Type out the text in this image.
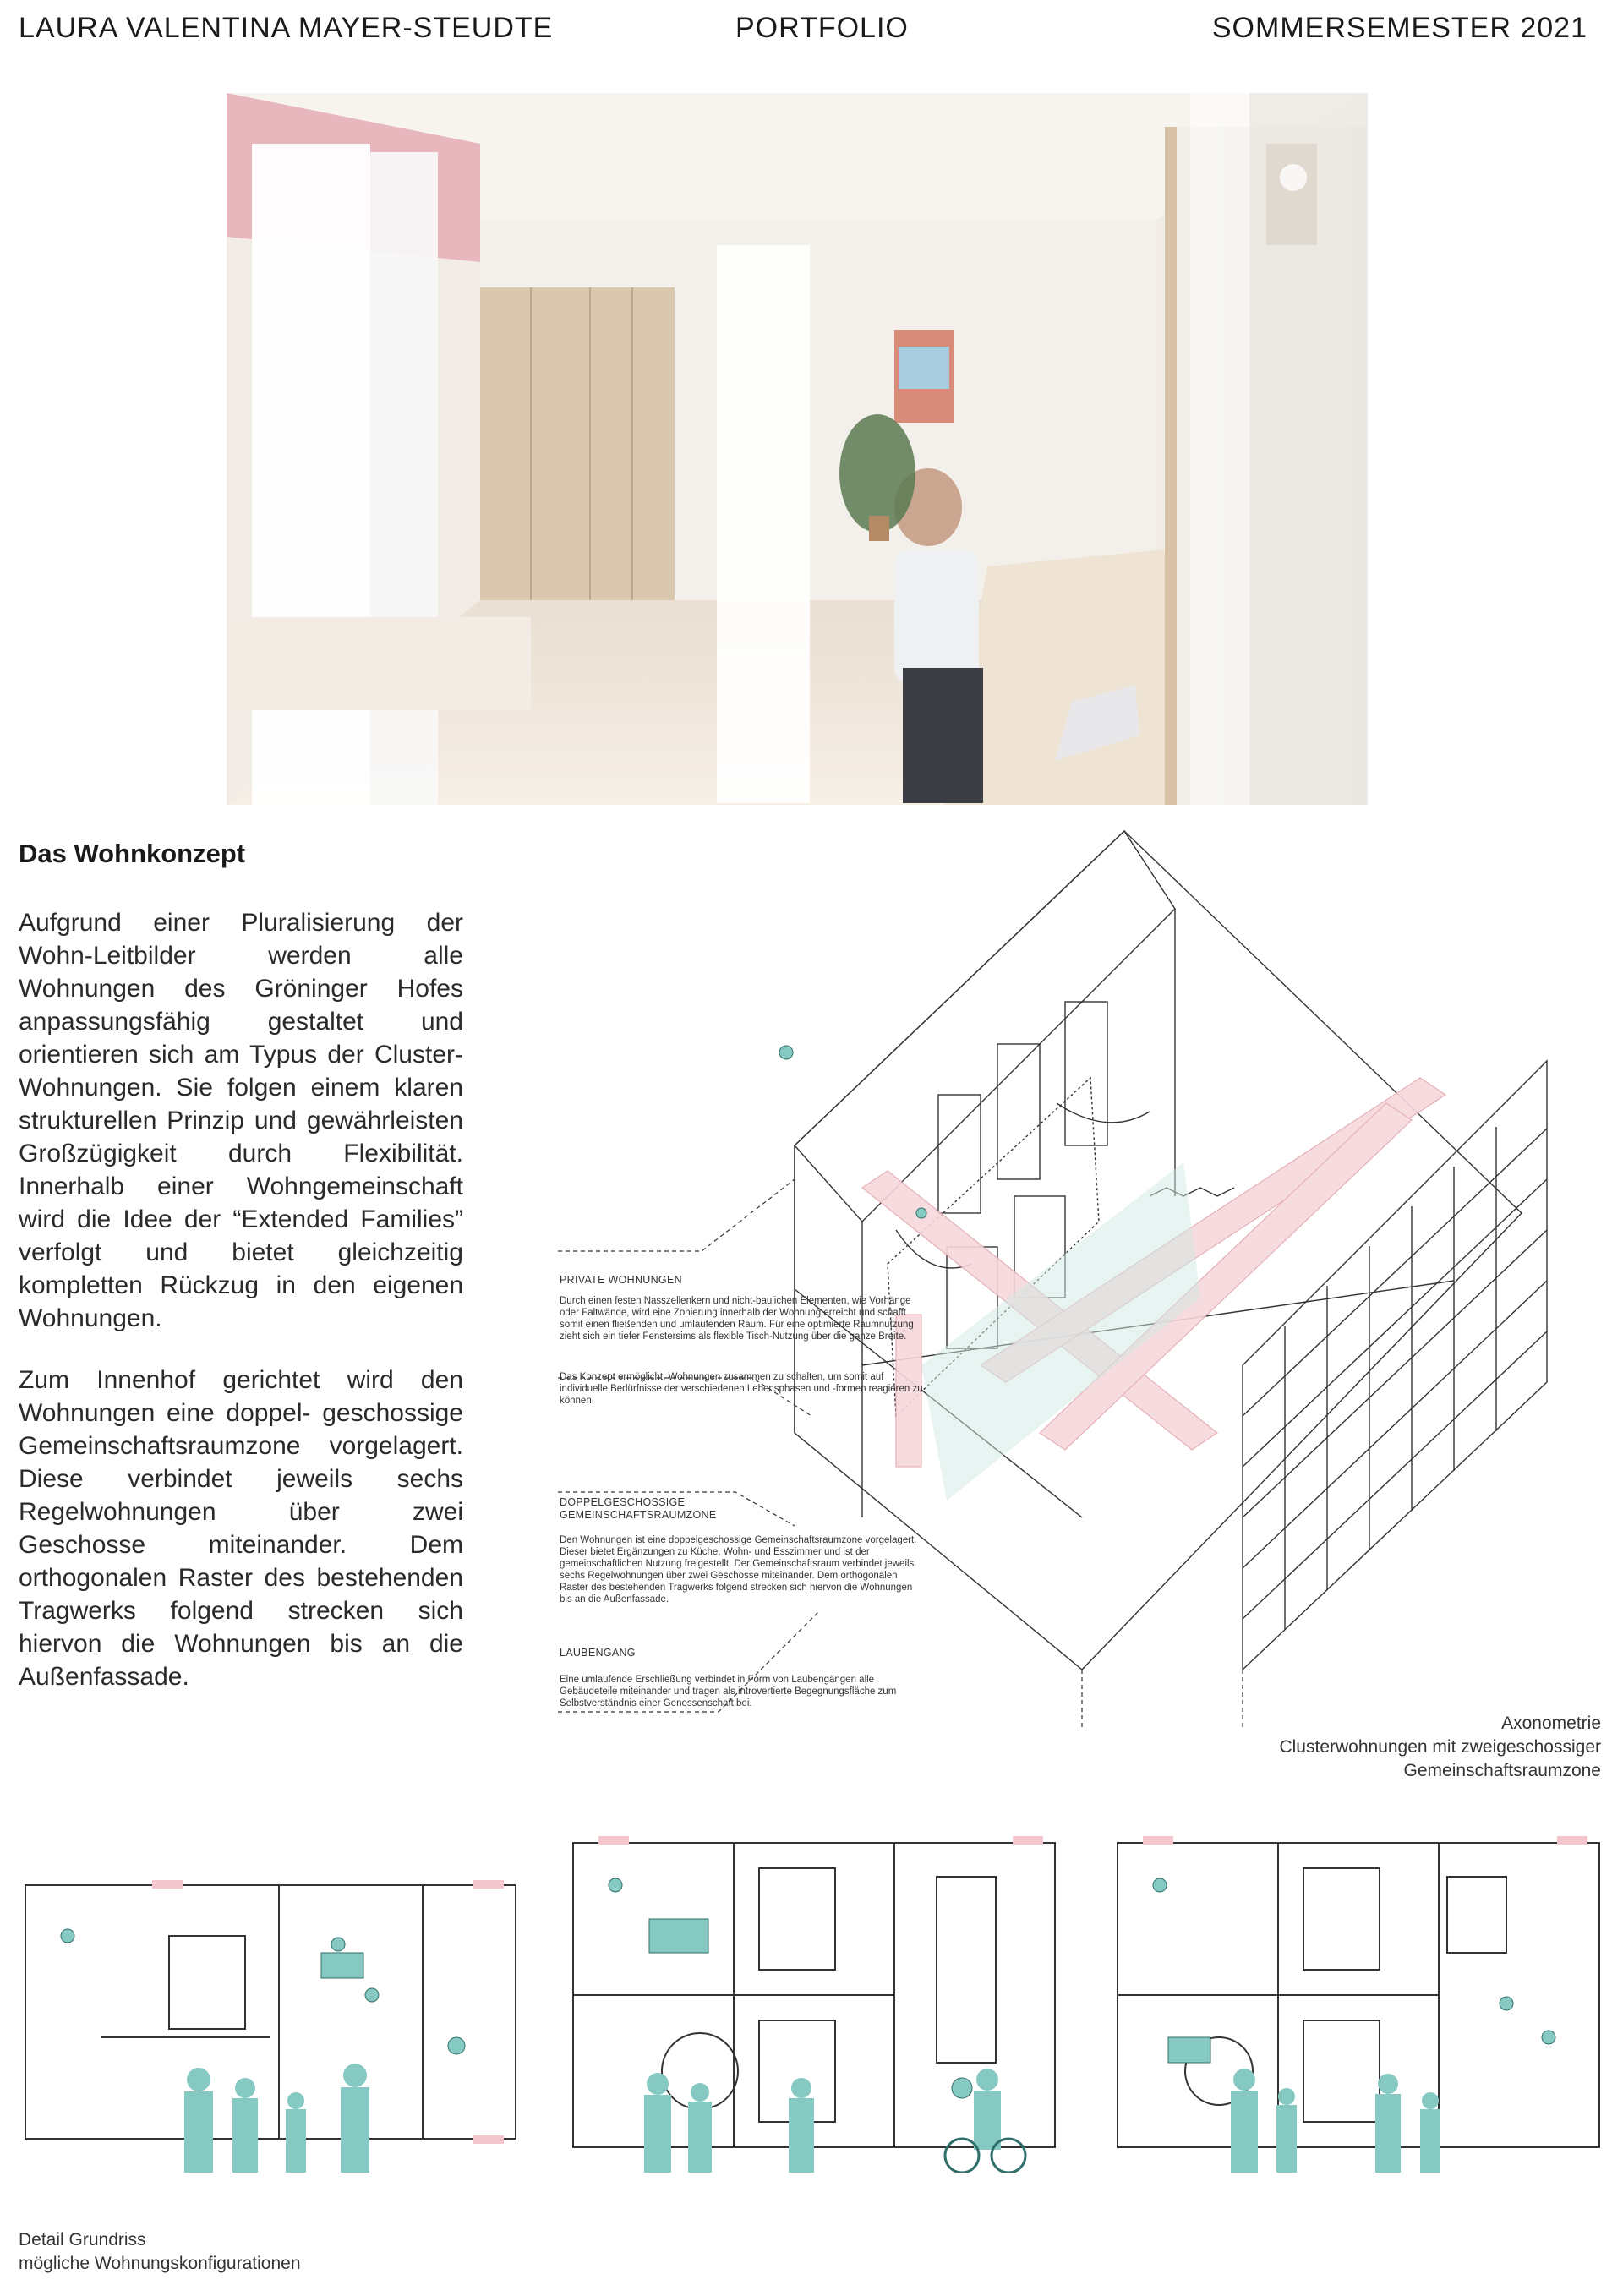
LAURA VALENTINA MAYER-STEUDTE	PORTFOLIO	SOMMERSEMESTER 2021
Das Wohnkonzept

Aufgrund einer Pluralisierung der Wohn-Leitbilder werden alle Wohnungen des Gröninger Hofes anpassungsfähig gestaltet und orientieren sich am Typus der Cluster-Wohnungen. Sie folgen einem klaren strukturellen Prinzip und gewährleisten Großzügigkeit durch Flexibilität. Innerhalb einer Wohngemeinschaft wird die Idee der “Extended Families” verfolgt und bietet gleichzeitig kompletten Rückzug in den eigenen Wohnungen.

Zum Innenhof gerichtet wird den Wohnungen eine doppel- geschossige Gemeinschaftsraumzone vorgelagert. Diese verbindet jeweils sechs Regelwohnungen über zwei Geschosse miteinander. Dem orthogonalen Raster des bestehenden Tragwerks folgend strecken sich hiervon die Wohnungen bis an die Außenfassade.

PRIVATE WOHNUNGEN

Durch einen festen Nasszellenkern und nicht-baulichen Elementen, wie Vorhänge oder Faltwände, wird eine Zonierung innerhalb der Wohnung erreicht und schafft somit einen fließenden und umlaufenden Raum. Für eine optimierte Raumnutzung zieht sich ein tiefer Fenstersims als flexible Tisch-Nutzung über die ganze Breite.

Das Konzept ermöglicht, Wohnungen zusammen zu schalten, um somit auf individuelle Bedürfnisse der verschiedenen Lebensphasen und -formen reagieren zu können.

DOPPELGESCHOSSIGE GEMEINSCHAFTSRAUMZONE

Den Wohnungen ist eine doppelgeschossige Gemeinschaftsraumzone vorgelagert. Dieser bietet Ergänzungen zu Küche, Wohn- und Esszimmer und ist der gemeinschaftlichen Nutzung freigestellt. Der Gemeinschaftsraum verbindet jeweils sechs Regelwohnungen über zwei Geschosse miteinander. Dem orthogonalen Raster des bestehenden Tragwerks folgend strecken sich hiervon die Wohnungen bis an die Außenfassade.

LAUBENGANG

Eine umlaufende Erschließung verbindet in Form von Laubengängen alle Gebäudeteile miteinander und tragen als introvertierte Begegnungsfläche zum Selbstverständnis einer Genossenschaft bei.

Axonometrie
Clusterwohnungen mit zweigeschossiger
Gemeinschaftsraumzone
Detail Grundriss
mögliche Wohnungskonfigurationen
